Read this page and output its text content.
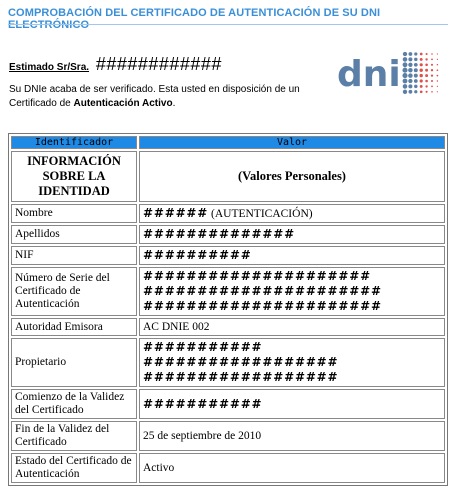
COMPROBACIÓN DEL CERTIFICADO DE AUTENTICACIÓN DE SU DNI ELECTRÓNICO
Estimado Sr/Sra. ############
Su DNIe acaba de ser verificado. Esta usted en disposición de un
Certificado de Autenticación Activo.
dni
Identificador	Valor
INFORMACIÓN SOBRE LA IDENTIDAD	(Valores Personales)
Nombre	###### (AUTENTICACIÓN)
Apellidos	##############

NIF	##########

Número de Serie del Certificado de Autenticación	#####################
######################
######################

Autoridad Emisora	AC DNIE 002
Propietario	###########
##################
##################

Comienzo de la Validez del Certificado	###########

Fin de la Validez del Certificado	25 de septiembre de 2010
Estado del Certificado de Autenticación	Activo
